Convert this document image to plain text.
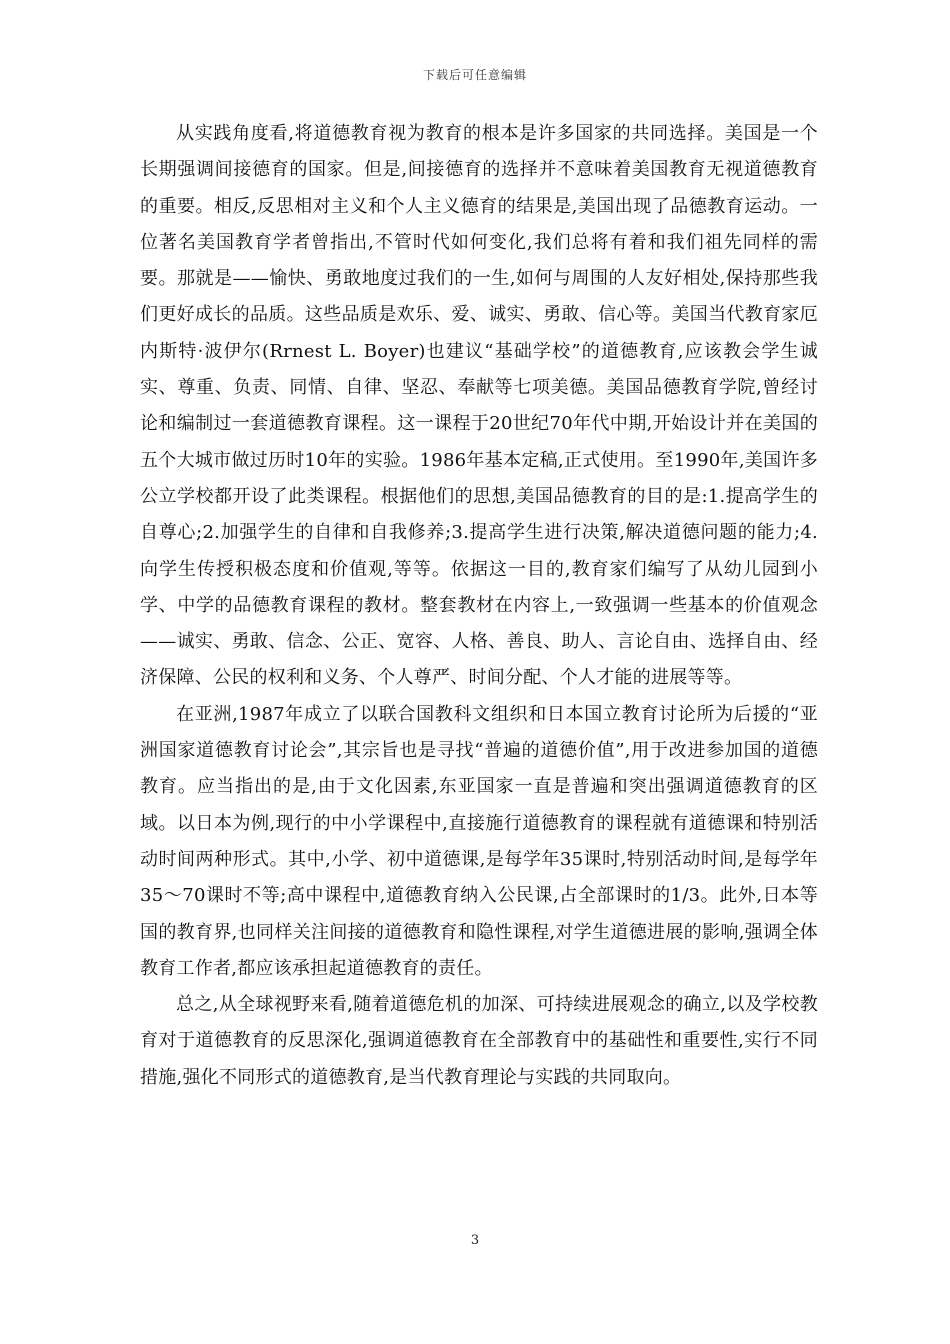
下载后可任意编辑

从实践角度看,将道德教育视为教育的根本是许多国家的共同选择。美国是一个长期强调间接德育的国家。但是,间接德育的选择并不意味着美国教育无视道德教育的重要。相反,反思相对主义和个人主义德育的结果是,美国出现了品德教育运动。一位著名美国教育学者曾指出,不管时代如何变化,我们总将有着和我们祖先同样的需要。那就是——愉快、勇敢地度过我们的一生,如何与周围的人友好相处,保持那些我们更好成长的品质。这些品质是欢乐、爱、诚实、勇敢、信心等。美国当代教育家厄内斯特·波伊尔(Rrnest L. Boyer)也建议“基础学校”的道德教育,应该教会学生诚实、尊重、负责、同情、自律、坚忍、奉献等七项美德。美国品德教育学院,曾经讨论和编制过一套道德教育课程。这一课程于20世纪70年代中期,开始设计并在美国的五个大城市做过历时10年的实验。1986年基本定稿,正式使用。至1990年,美国许多公立学校都开设了此类课程。根据他们的思想,美国品德教育的目的是:1.提高学生的自尊心;2.加强学生的自律和自我修养;3.提高学生进行决策,解决道德问题的能力;4.向学生传授积极态度和价值观,等等。依据这一目的,教育家们编写了从幼儿园到小学、中学的品德教育课程的教材。整套教材在内容上,一致强调一些基本的价值观念——诚实、勇敢、信念、公正、宽容、人格、善良、助人、言论自由、选择自由、经济保障、公民的权利和义务、个人尊严、时间分配、个人才能的进展等等。

在亚洲,1987年成立了以联合国教科文组织和日本国立教育讨论所为后援的“亚洲国家道德教育讨论会”,其宗旨也是寻找“普遍的道德价值”,用于改进参加国的道德教育。应当指出的是,由于文化因素,东亚国家一直是普遍和突出强调道德教育的区域。以日本为例,现行的中小学课程中,直接施行道德教育的课程就有道德课和特别活动时间两种形式。其中,小学、初中道德课,是每学年35课时,特别活动时间,是每学年35～70课时不等;高中课程中,道德教育纳入公民课,占全部课时的1/3。此外,日本等国的教育界,也同样关注间接的道德教育和隐性课程,对学生道德进展的影响,强调全体教育工作者,都应该承担起道德教育的责任。

总之,从全球视野来看,随着道德危机的加深、可持续进展观念的确立,以及学校教育对于道德教育的反思深化,强调道德教育在全部教育中的基础性和重要性,实行不同措施,强化不同形式的道德教育,是当代教育理论与实践的共同取向。

3
